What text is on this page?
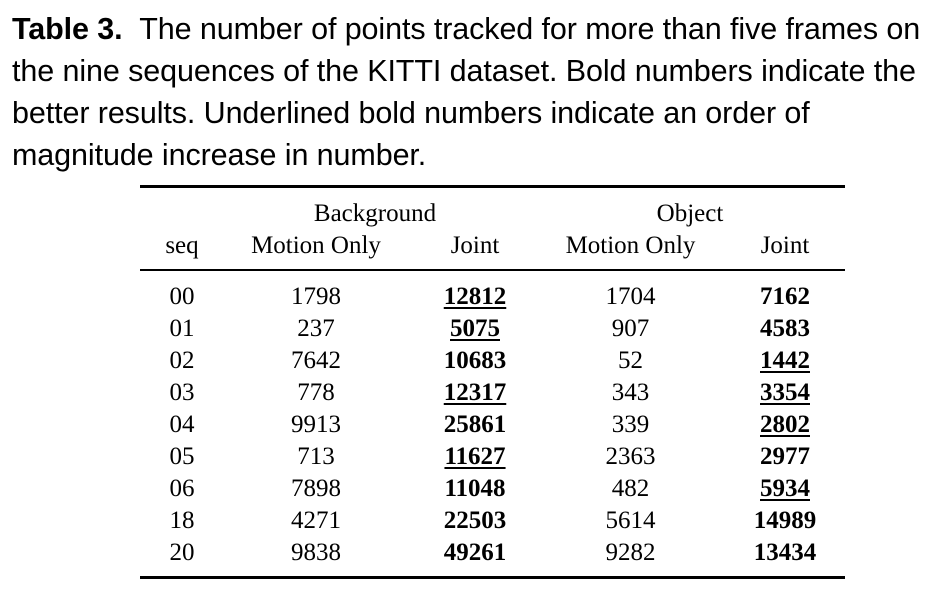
Table 3. The number of points tracked for more than five frames on the nine sequences of the KITTI dataset. Bold numbers indicate the better results. Underlined bold numbers indicate an order of magnitude increase in number.
Background	Object
seq	Motion Only	Joint	Motion Only	Joint
00	1798	12812	1704	7162
01	237	5075	907	4583
02	7642	10683	52	1442
03	778	12317	343	3354
04	9913	25861	339	2802
05	713	11627	2363	2977
06	7898	11048	482	5934
18	4271	22503	5614	14989
20	9838	49261	9282	13434
